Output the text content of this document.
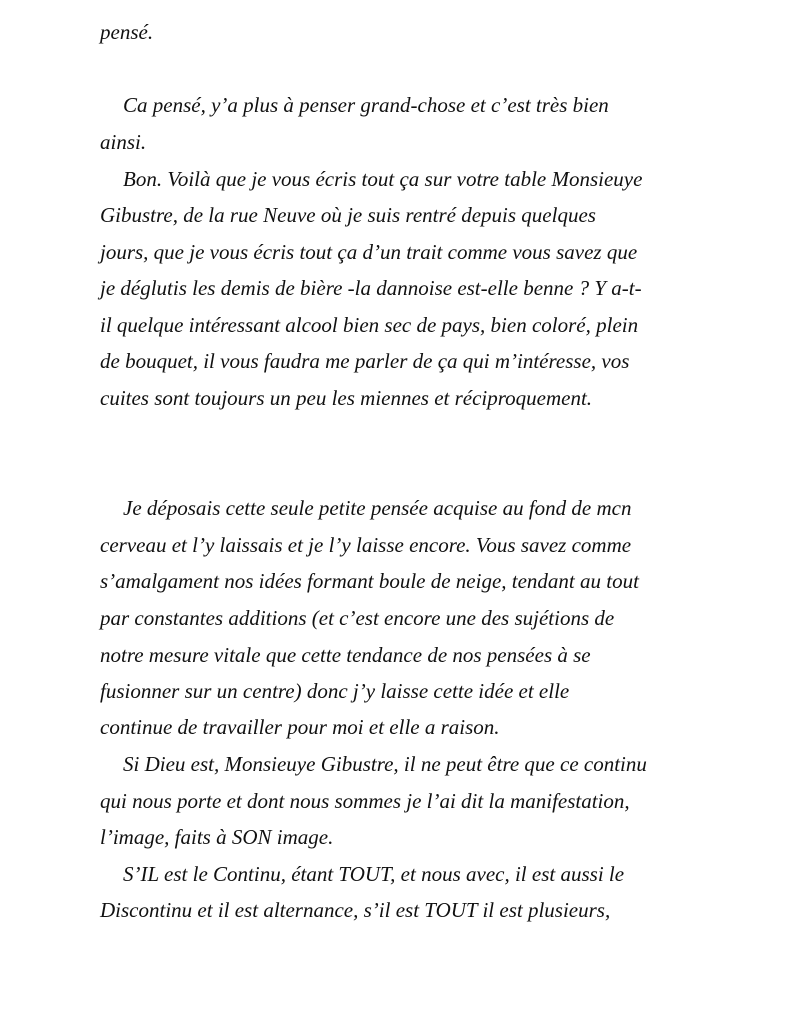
pensé.

Ca pensé, y’a plus à penser grand-chose et c’est très bien

ainsi.

Bon. Voilà que je vous écris tout ça sur votre table Monsieuye

Gibustre, de la rue Neuve où je suis rentré depuis quelques

jours, que je vous écris tout ça d’un trait comme vous savez que

je déglutis les demis de bière -la dannoise est-elle benne ? Y a-t-

il quelque intéressant alcool bien sec de pays, bien coloré, plein

de bouquet, il vous faudra me parler de ça qui m’intéresse, vos

cuites sont toujours un peu les miennes et réciproquement.

Je déposais cette seule petite pensée acquise au fond de mcn

cerveau et l’y laissais et je l’y laisse encore. Vous savez comme

s’amalgament nos idées formant boule de neige, tendant au tout

par constantes additions (et c’est encore une des sujétions de

notre mesure vitale que cette tendance de nos pensées à se

fusionner sur un centre) donc j’y laisse cette idée et elle

continue de travailler pour moi et elle a raison.

Si Dieu est, Monsieuye Gibustre, il ne peut être que ce continu

qui nous porte et dont nous sommes je l’ai dit la manifestation,

l’image, faits à SON image.

S’IL est le Continu, étant TOUT, et nous avec, il est aussi le

Discontinu et il est alternance, s’il est TOUT il est plusieurs,
